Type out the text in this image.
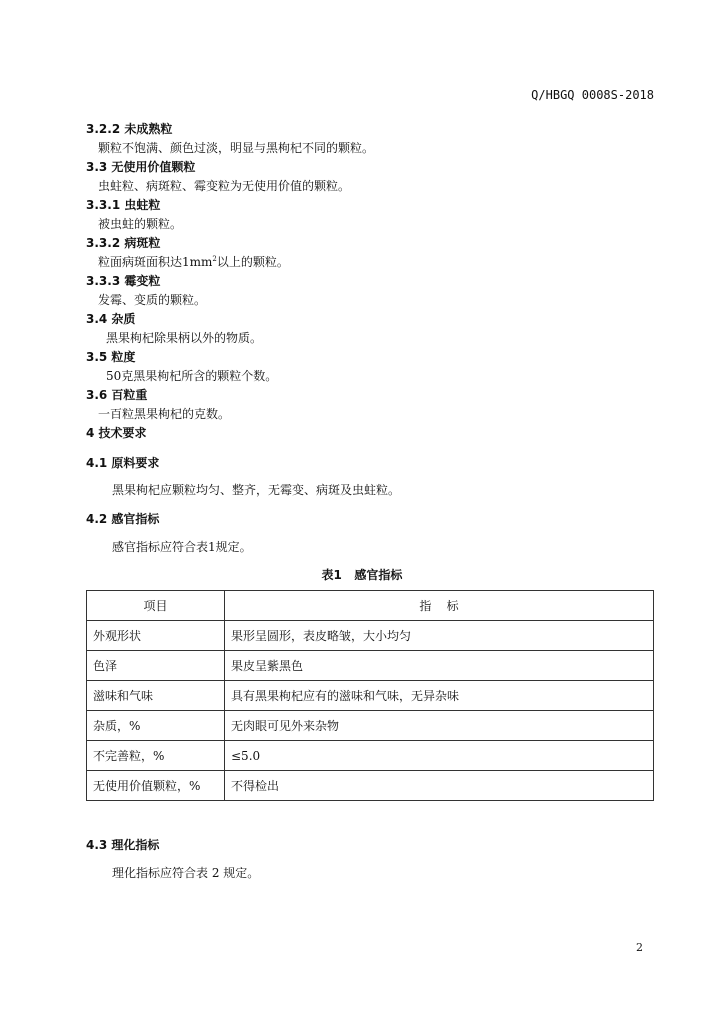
Q/HBGQ 0008S-2018
3.2.2 未成熟粒
颗粒不饱满、颜色过淡，明显与黑枸杞不同的颗粒。
3.3 无使用价值颗粒
虫蛀粒、病斑粒、霉变粒为无使用价值的颗粒。
3.3.1 虫蛀粒
被虫蛀的颗粒。
3.3.2 病斑粒
粒面病斑面积达$1mm^2$以上的颗粒。
3.3.3 霉变粒
发霉、变质的颗粒。
3.4 杂质
黑果枸杞除果柄以外的物质。
3.5 粒度
50克黑果枸杞所含的颗粒个数。
3.6 百粒重
一百粒黑果枸杞的克数。
4 技术要求
4.1 原料要求
黑果枸杞应颗粒均匀、整齐，无霉变、病斑及虫蛀粒。
4.2 感官指标
感官指标应符合表1规定。
表1   感官指标
项目	指    标
外观形状	果形呈圆形，表皮略皱，大小均匀
色泽	果皮呈紫黑色
滋味和气味	具有黑果枸杞应有的滋味和气味，无异杂味
杂质，%	无肉眼可见外来杂物
不完善粒，%	≤5.0
无使用价值颗粒，%	不得检出
4.3 理化指标
理化指标应符合表 2 规定。
2
